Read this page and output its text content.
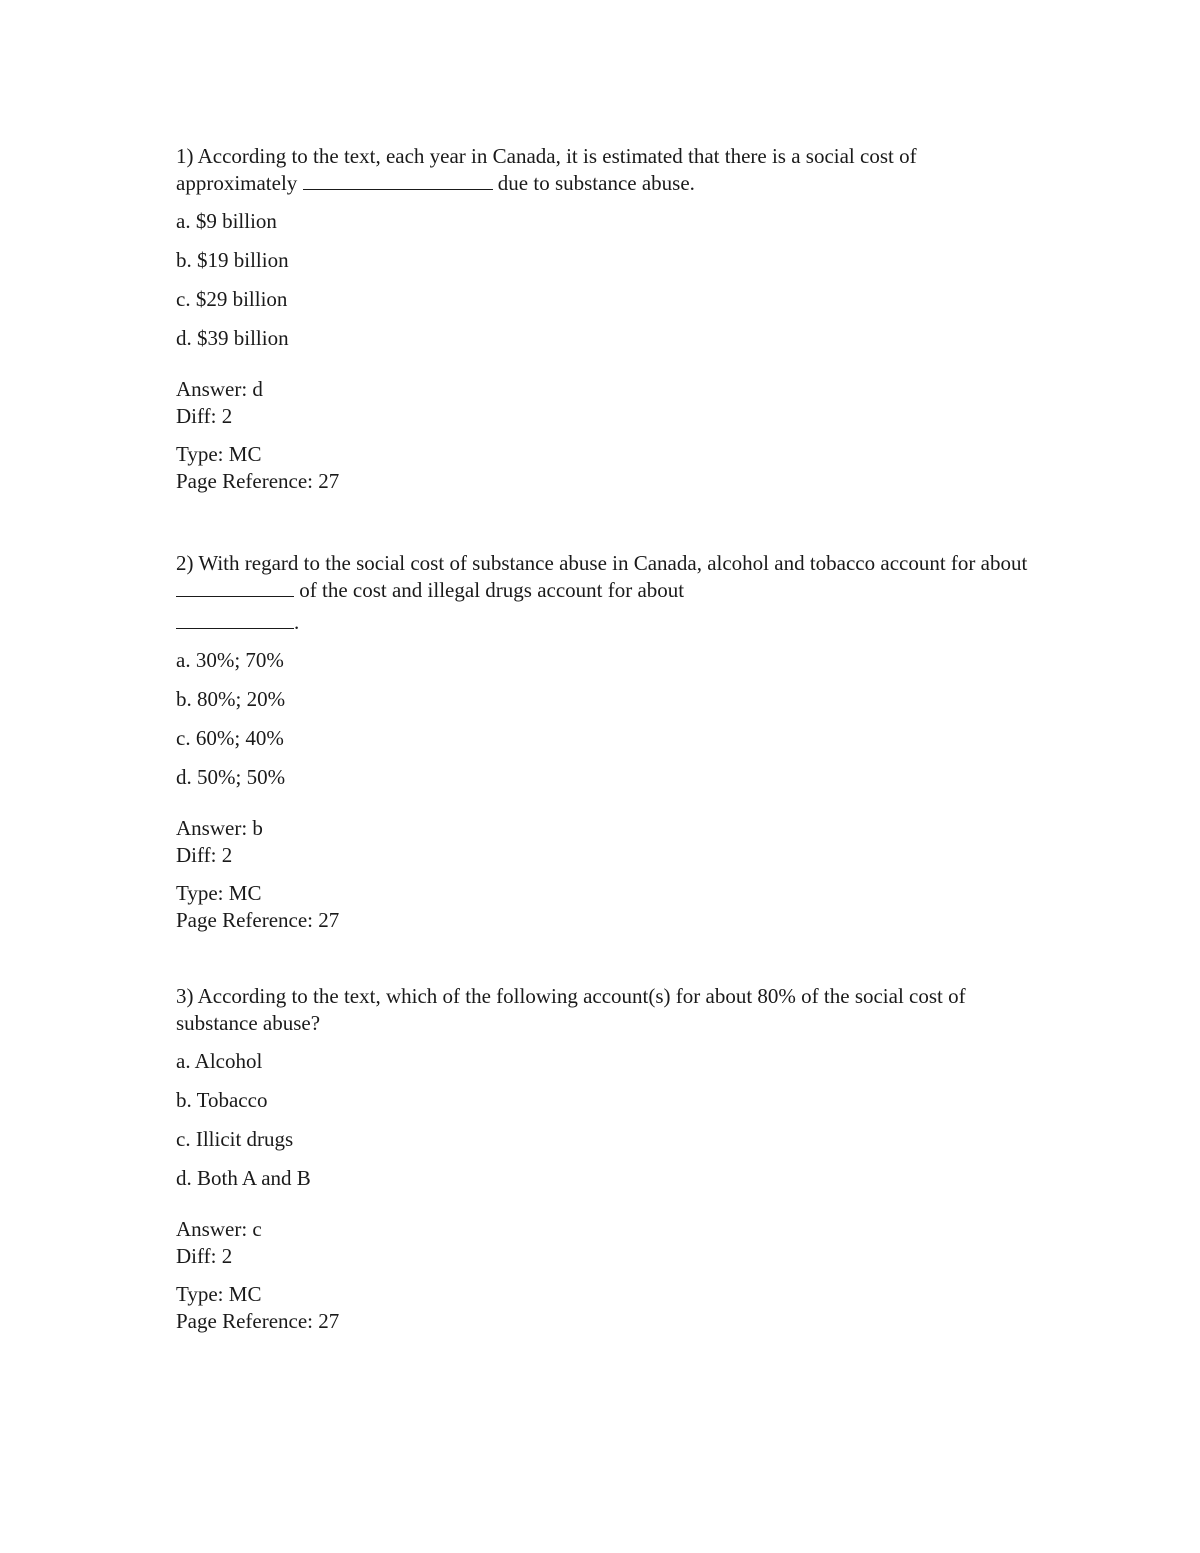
1) According to the text, each year in Canada, it is estimated that there is a social cost of approximately	due to substance abuse.

a. $9 billion

b. $19 billion

c. $29 billion

d. $39 billion

Answer: d

Diff: 2

Type: MC

Page Reference: 27

2) With regard to the social cost of substance abuse in Canada, alcohol and tobacco account for about  of the cost and illegal drugs account for about
.

a. 30%; 70%

b. 80%; 20%

c. 60%; 40%

d. 50%; 50%

Answer: b

Diff: 2

Type: MC

Page Reference: 27

3) According to the text, which of the following account(s) for about 80% of the social cost of substance abuse?

a. Alcohol

b. Tobacco

c. Illicit drugs

d. Both A and B

Answer: c

Diff: 2

Type: MC

Page Reference: 27
